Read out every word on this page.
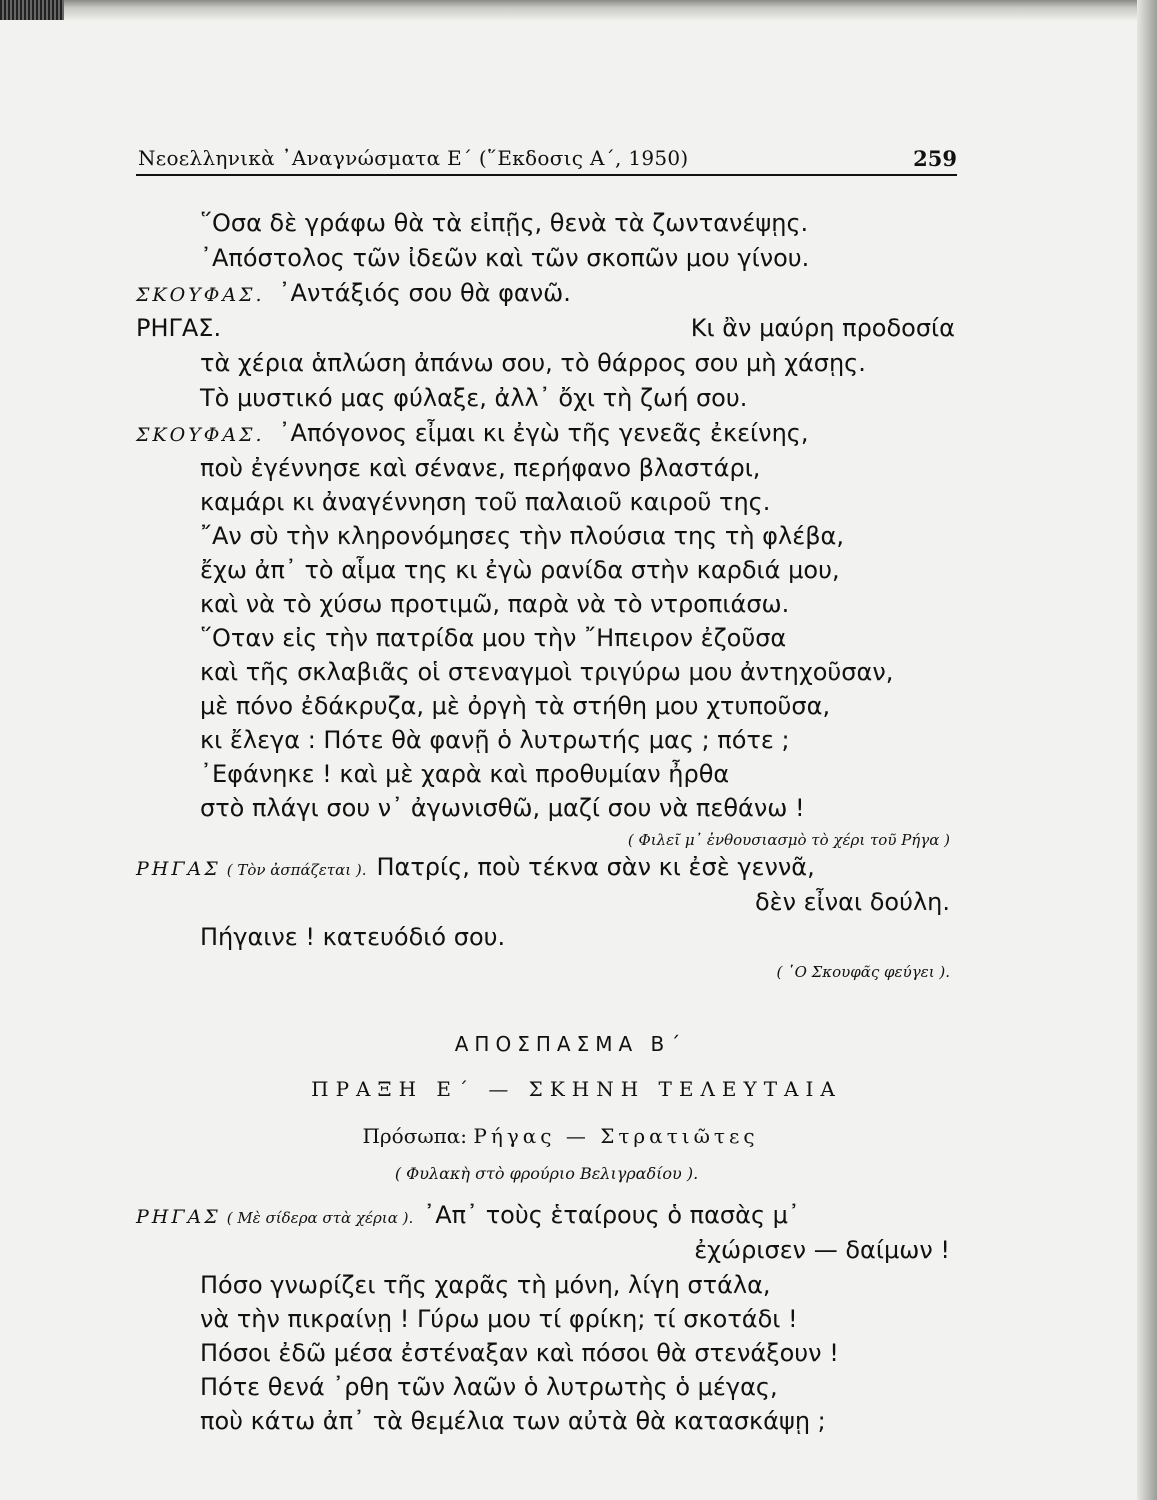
Νεοελληνικὰ ᾿Αναγνώσματα Ε΄ (῞Εκδοσις Α΄, 1950)	259
῞Οσα δὲ γράφω θὰ τὰ εἰπῇς, θενὰ τὰ ζωντανέψῃς.
᾿Απόστολος τῶν ἰδεῶν καὶ τῶν σκοπῶν μου γίνου.
ΣΚΟΥΦΑΣ. ᾿Αντάξιός σου θὰ φανῶ.
ΡΗΓΑΣ.	Κι ἂν μαύρη προδοσία
τὰ χέρια ἁπλώση ἀπάνω σου, τὸ θάρρος σου μὴ χάσῃς.
Τὸ μυστικό μας φύλαξε, ἀλλ᾿ ὄχι τὴ ζωή σου.
ΣΚΟΥΦΑΣ. ᾿Απόγονος εἶμαι κι ἐγὼ τῆς γενεᾶς ἐκείνης,
ποὺ ἐγέννησε καὶ σένανε, περήφανο βλαστάρι,
καμάρι κι ἀναγέννηση τοῦ παλαιοῦ καιροῦ της.
῎Αν σὺ τὴν κληρονόμησες τὴν πλούσια της τὴ φλέβα,
ἔχω ἀπ᾿ τὸ αἷμα της κι ἐγὼ ρανίδα στὴν καρδιά μου,
καὶ νὰ τὸ χύσω προτιμῶ, παρὰ νὰ τὸ ντροπιάσω.
῞Οταν εἰς τὴν πατρίδα μου τὴν ῎Ηπειρον ἐζοῦσα
καὶ τῆς σκλαβιᾶς οἱ στεναγμοὶ τριγύρω μου ἀντηχοῦσαν,
μὲ πόνο ἐδάκρυζα, μὲ ὀργὴ τὰ στήθη μου χτυποῦσα,
κι ἔλεγα : Πότε θὰ φανῇ ὁ λυτρωτής μας ; πότε ;
᾿Εφάνηκε ! καὶ μὲ χαρὰ καὶ προθυμίαν ἦρθα
στὸ πλάγι σου ν᾿ ἀγωνισθῶ, μαζί σου νὰ πεθάνω !
( Φιλεῖ μ᾿ ἐνθουσιασμὸ τὸ χέρι τοῦ Ρήγα )
ΡΗΓΑΣ ( Τὸν ἀσπάζεται ). Πατρίς, ποὺ τέκνα σὰν κι ἐσὲ γεννᾶ,
δὲν εἶναι δούλη.
Πήγαινε ! κατευόδιό σου.
( ῾Ο Σκουφᾶς φεύγει ).
ΑΠΟΣΠΑΣΜΑ Β΄
ΠΡΑΞΗ Ε΄ — ΣΚΗΝΗ ΤΕΛΕΥΤΑΙΑ
Πρόσωπα: Ρήγας — Στρατιῶτες
( Φυλακὴ στὸ φρούριο Βελιγραδίου ).
ΡΗΓΑΣ ( Μὲ σίδερα στὰ χέρια ). ᾿Απ᾿ τοὺς ἑταίρους ὁ πασὰς μ᾿
ἐχώρισεν — δαίμων !
Πόσο γνωρίζει τῆς χαρᾶς τὴ μόνη, λίγη στάλα,
νὰ τὴν πικραίνῃ ! Γύρω μου τί φρίκη; τί σκοτάδι !
Πόσοι ἐδῶ μέσα ἐστέναξαν καὶ πόσοι θὰ στενάξουν !
Πότε θενά ᾿ρθη τῶν λαῶν ὁ λυτρωτὴς ὁ μέγας,
ποὺ κάτω ἀπ᾿ τὰ θεμέλια των αὐτὰ θὰ κατασκάψῃ ;
